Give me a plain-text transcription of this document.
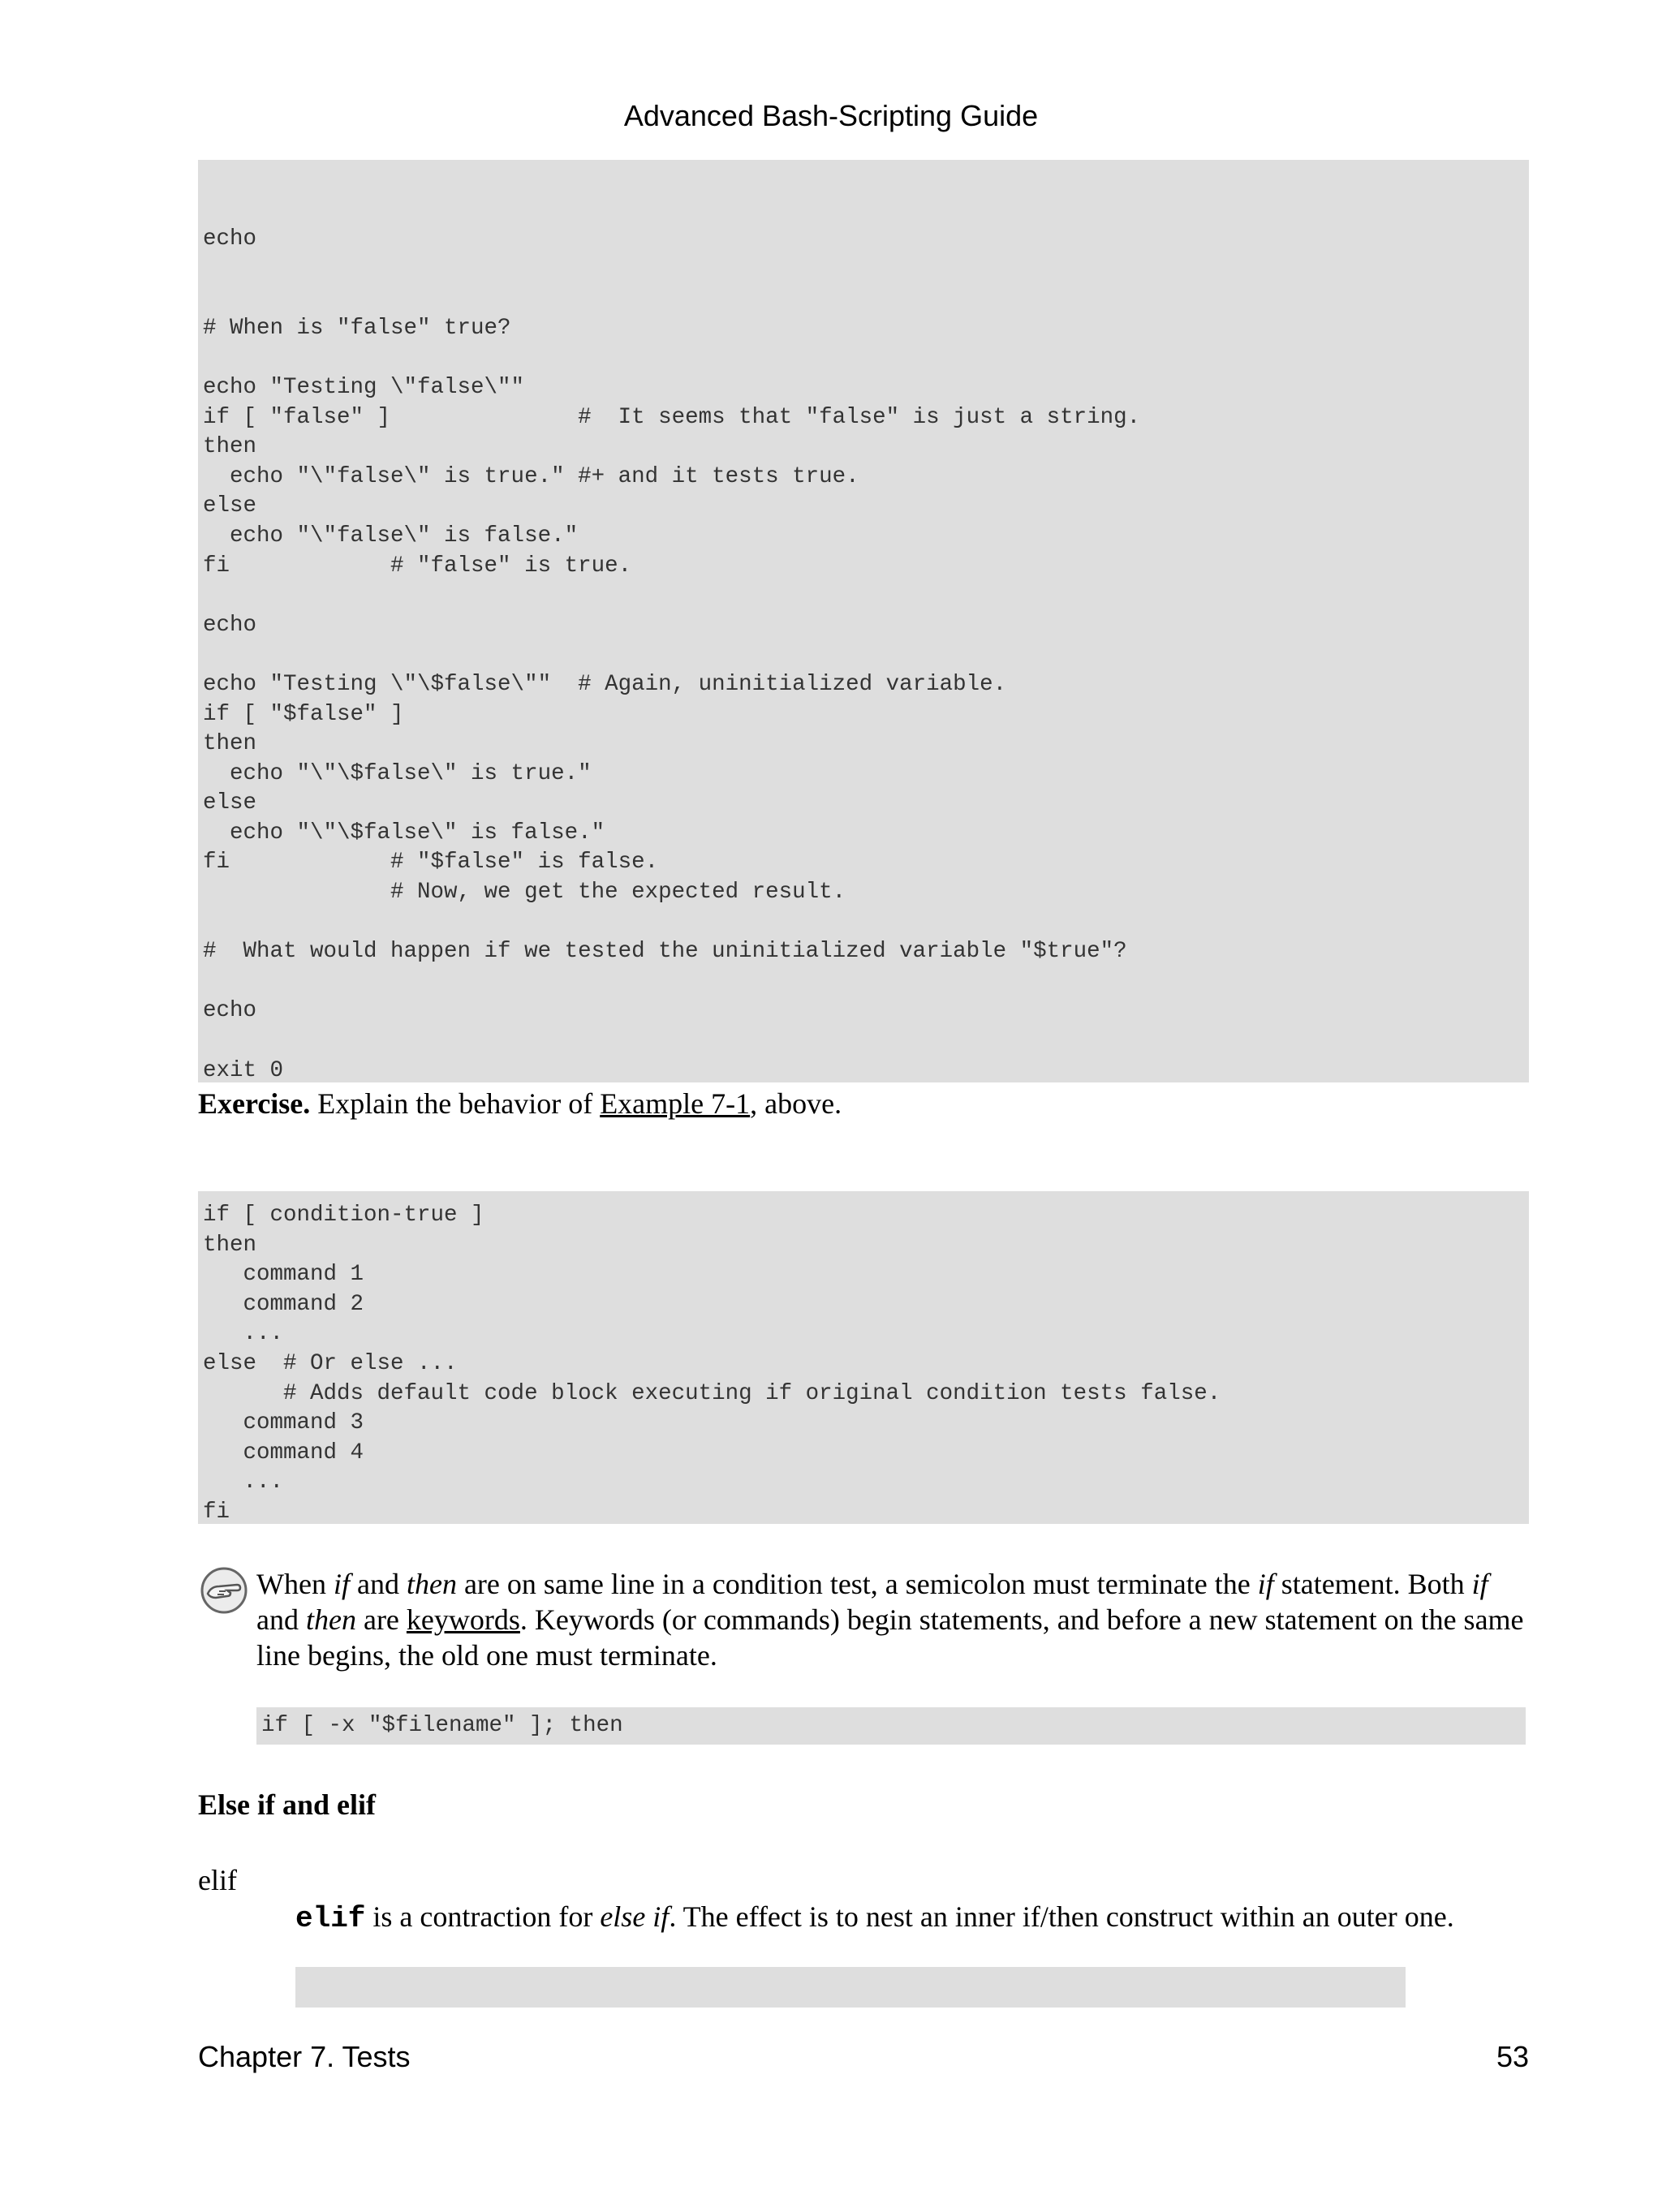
Advanced Bash-Scripting Guide
echo

# When is "false" true?

echo "Testing \"false\""
if [ "false" ]              #  It seems that "false" is just a string.
then
echo "\"false\" is true." #+ and it tests true.
else
echo "\"false\" is false."
fi            # "false" is true.

echo

echo "Testing \"\$false\""  # Again, uninitialized variable.
if [ "$false" ]
then
echo "\"\$false\" is true."
else
echo "\"\$false\" is false."
fi            # "$false" is false.
# Now, we get the expected result.

#  What would happen if we tested the uninitialized variable "$true"?

echo

exit 0
Exercise. Explain the behavior of Example 7-1, above.
if [ condition-true ]
then
command 1
command 2
...
else  # Or else ...
# Adds default code block executing if original condition tests false.
command 3
command 4
...
fi
When if and then are on same line in a condition test, a semicolon must terminate the if statement. Both if and then are keywords. Keywords (or commands) begin statements, and before a new statement on the same line begins, the old one must terminate.
if [ -x "$filename" ]; then
Else if and elif
elif
elif is a contraction for else if. The effect is to nest an inner if/then construct within an outer one.
Chapter 7. Tests	53
